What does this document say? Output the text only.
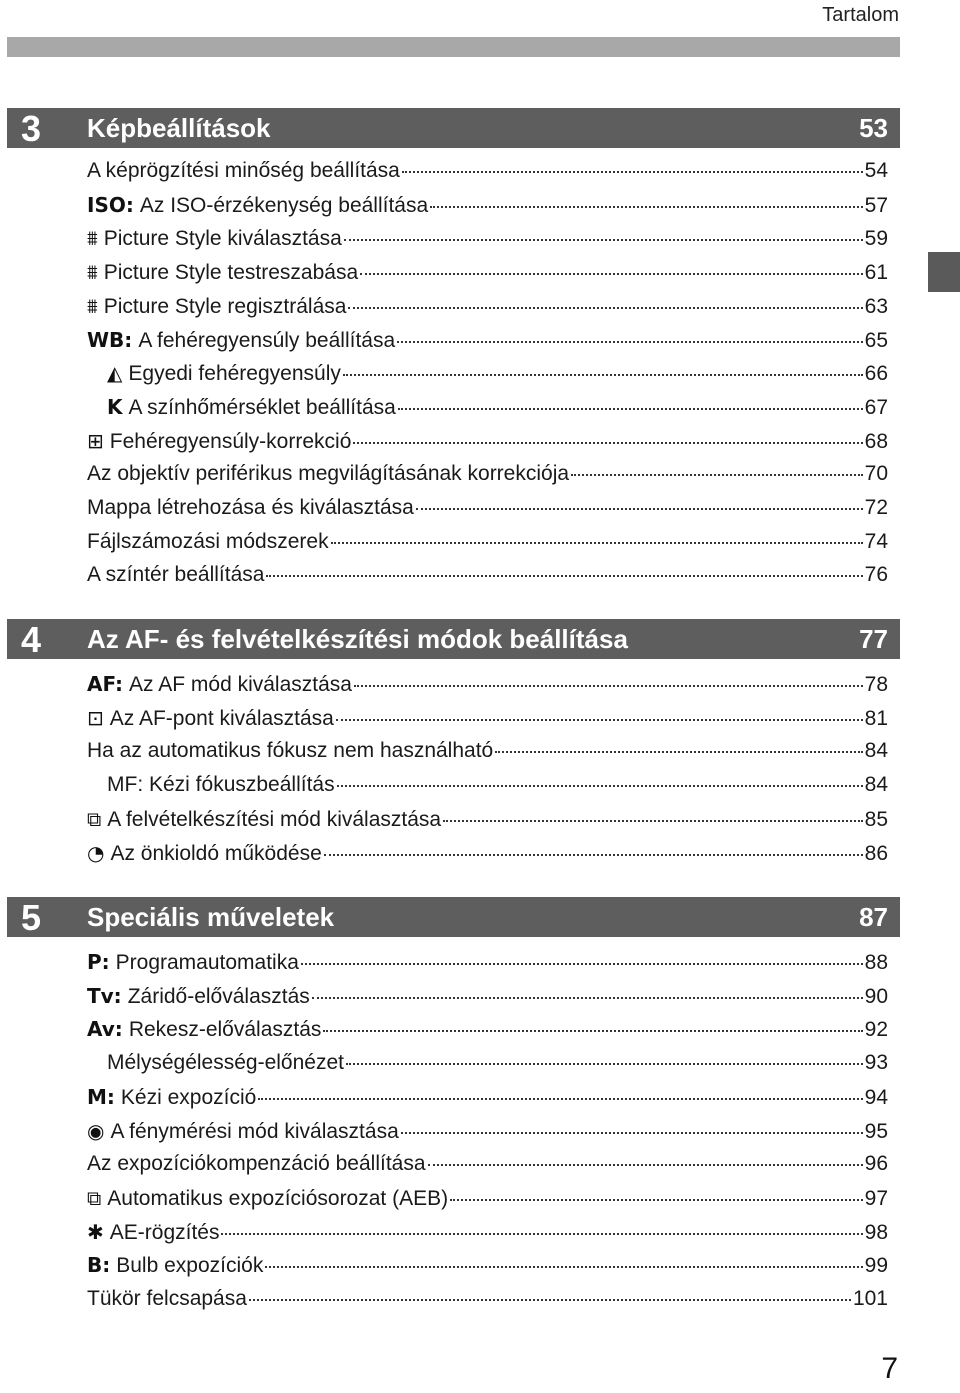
Tartalom
3 Képbeállítások	53
A képrögzítési minőség beállítása	54
ISO: Az ISO-érzékenység beállítása	57
⩩ Picture Style kiválasztása	59
⩩ Picture Style testreszabása	61
⩩ Picture Style regisztrálása	63
WB: A fehéregyensúly beállítása	65
◭ Egyedi fehéregyensúly	66
K A színhőmérséklet beállítása	67
⊞ Fehéregyensúly-korrekció	68
Az objektív periférikus megvilágításának korrekciója	70
Mappa létrehozása és kiválasztása	72
Fájlszámozási módszerek	74
A színtér beállítása	76
4 Az AF- és felvételkészítési módok beállítása	77
AF: Az AF mód kiválasztása	78
⊡ Az AF-pont kiválasztása	81
Ha az automatikus fókusz nem használható	84
MF: Kézi fókuszbeállítás	84
⧉ A felvételkészítési mód kiválasztása	85
◔ Az önkioldó működése	86
5 Speciális műveletek	87
P: Programautomatika	88
Tv: Záridő-előválasztás	90
Av: Rekesz-előválasztás	92
Mélységélesség-előnézet	93
M: Kézi expozíció	94
◉ A fénymérési mód kiválasztása	95
Az expozíciókompenzáció beállítása	96
⧉ Automatikus expozíciósorozat (AEB)	97
✱ AE-rögzítés	98
B: Bulb expozíciók	99
Tükör felcsapása	101
7
